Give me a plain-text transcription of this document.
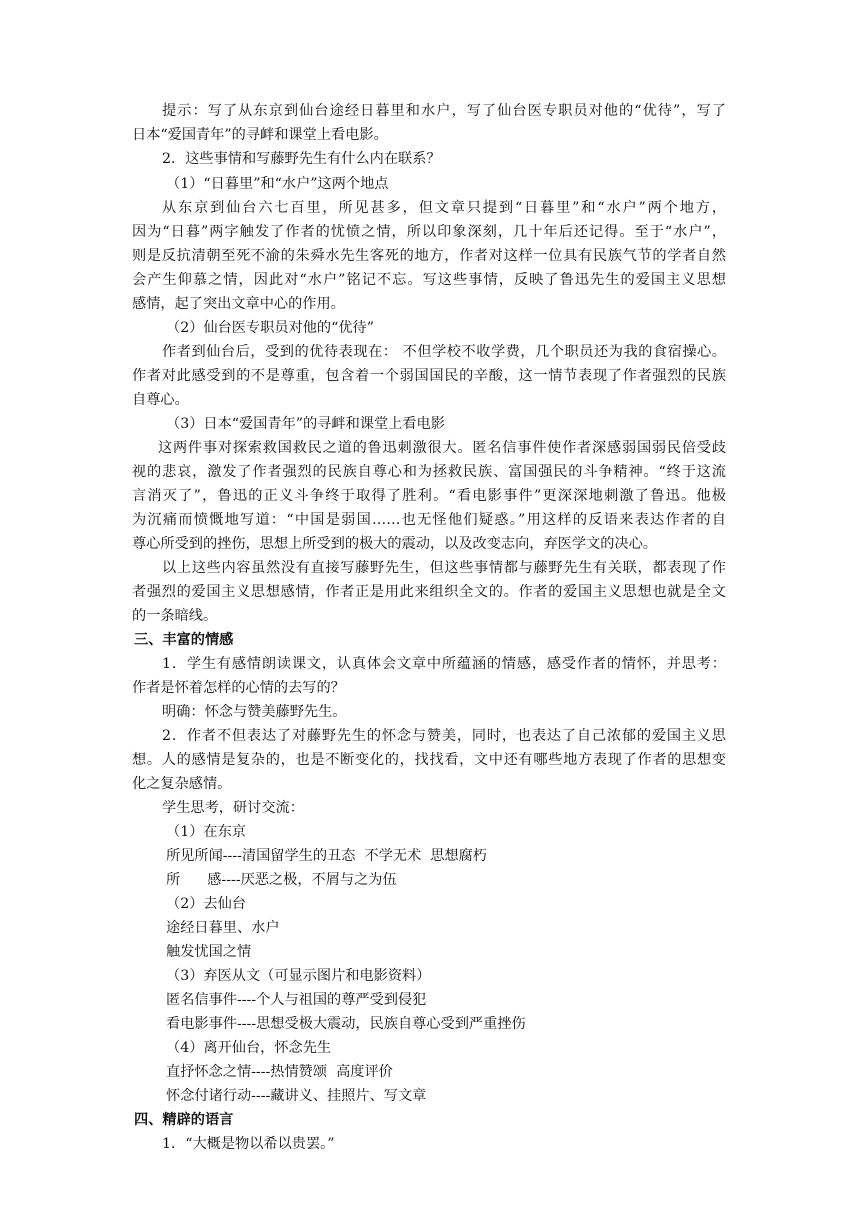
提示：写了从东京到仙台途经日暮里和水户，写了仙台医专职员对他的“优待”，写了

日本“爱国青年”的寻衅和课堂上看电影。

2．这些事情和写藤野先生有什么内在联系？

（1）“日暮里”和“水户”这两个地点

从东京到仙台六七百里，所见甚多，但文章只提到“日暮里”和“水户”两个地方，

因为“日暮”两字触发了作者的忧愤之情，所以印象深刻，几十年后还记得。至于“水户”，

则是反抗清朝至死不渝的朱舜水先生客死的地方，作者对这样一位具有民族气节的学者自然

会产生仰慕之情，因此对“水户”铭记不忘。写这些事情，反映了鲁迅先生的爱国主义思想

感情，起了突出文章中心的作用。

（2）仙台医专职员对他的“优待”

作者到仙台后，受到的优待表现在： 不但学校不收学费，几个职员还为我的食宿操心。

作者对此感受到的不是尊重，包含着一个弱国国民的辛酸，这一情节表现了作者强烈的民族

自尊心。

（3）日本“爱国青年”的寻衅和课堂上看电影

这两件事对探索救国救民之道的鲁迅刺激很大。匿名信事件使作者深感弱国弱民倍受歧

视的悲哀，激发了作者强烈的民族自尊心和为拯救民族、富国强民的斗争精神。“终于这流

言消灭了”，鲁迅的正义斗争终于取得了胜利。“看电影事件”更深深地刺激了鲁迅。他极

为沉痛而愤慨地写道：“中国是弱国……也无怪他们疑惑。”用这样的反语来表达作者的自

尊心所受到的挫伤，思想上所受到的极大的震动，以及改变志向，弃医学文的决心。

以上这些内容虽然没有直接写藤野先生，但这些事情都与藤野先生有关联，都表现了作

者强烈的爱国主义思想感情，作者正是用此来组织全文的。作者的爱国主义思想也就是全文

的一条暗线。

三、丰富的情感

1．学生有感情朗读课文，认真体会文章中所蕴涵的情感，感受作者的情怀，并思考：

作者是怀着怎样的心情的去写的？

明确：怀念与赞美藤野先生。

2．作者不但表达了对藤野先生的怀念与赞美，同时，也表达了自己浓郁的爱国主义思

想。人的感情是复杂的，也是不断变化的，找找看，文中还有哪些地方表现了作者的思想变

化之复杂感情。

学生思考，研讨交流：

（1）在东京

所见所闻----清国留学生的丑态  不学无术  思想腐朽

所      感----厌恶之极，不屑与之为伍

（2）去仙台

途经日暮里、水户

触发忧国之情

（3）弃医从文（可显示图片和电影资料）

匿名信事件----个人与祖国的尊严受到侵犯

看电影事件----思想受极大震动，民族自尊心受到严重挫伤

（4）离开仙台，怀念先生

直抒怀念之情----热情赞颂  高度评价

怀念付诸行动----藏讲义、挂照片、写文章

四、精辟的语言

1．“大概是物以希以贵罢。”
